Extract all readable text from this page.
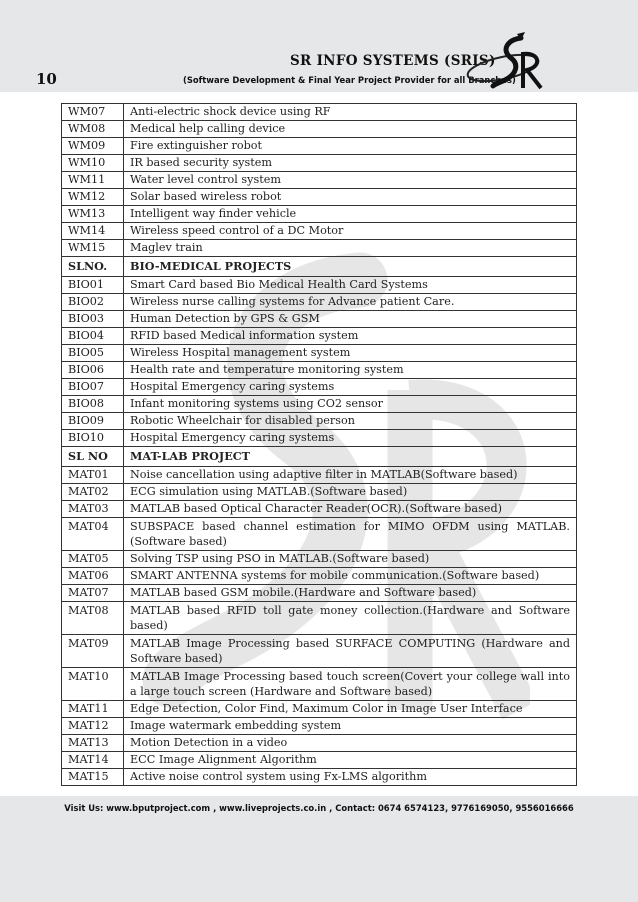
10
SR INFO SYSTEMS (SRIS)
(Software Development & Final Year Project Provider for all Branches)
WM07	Anti-electric shock device using RF
WM08	Medical help calling device
WM09	Fire extinguisher robot
WM10	IR based security system
WM11	Water level control system
WM12	Solar based wireless robot
WM13	Intelligent way finder vehicle
WM14	Wireless speed control of a DC Motor
WM15	Maglev train
SLNO.	BIO-MEDICAL PROJECTS
BIO01	Smart Card based Bio Medical Health Card Systems
BIO02	Wireless nurse calling systems for Advance patient Care.
BIO03	Human Detection by GPS & GSM
BIO04	RFID based Medical information system
BIO05	Wireless Hospital management system
BIO06	Health rate and temperature monitoring system
BIO07	Hospital Emergency caring systems
BIO08	Infant monitoring systems using CO2 sensor
BIO09	Robotic Wheelchair for disabled person
BIO10	Hospital Emergency caring systems
SL NO	MAT-LAB PROJECT
MAT01	Noise cancellation using adaptive filter in MATLAB(Software based)
MAT02	ECG simulation using MATLAB.(Software based)
MAT03	MATLAB based Optical Character Reader(OCR).(Software based)
MAT04	SUBSPACE based channel estimation for MIMO OFDM using MATLAB.(Software based)
MAT05	Solving TSP using PSO in MATLAB.(Software based)
MAT06	SMART ANTENNA systems for mobile communication.(Software based)
MAT07	MATLAB based GSM mobile.(Hardware and Software based)
MAT08	MATLAB based RFID toll gate money collection.(Hardware and Software based)
MAT09	MATLAB Image Processing based SURFACE COMPUTING (Hardware and Software based)
MAT10	MATLAB Image Processing based touch screen(Covert your college wall into a large touch screen (Hardware and Software based)
MAT11	Edge Detection, Color Find, Maximum Color in Image User Interface
MAT12	Image watermark embedding system
MAT13	Motion Detection in a video
MAT14	ECC Image Alignment Algorithm
MAT15	Active noise control system using Fx-LMS algorithm
Visit Us: www.bputproject.com , www.liveprojects.co.in , Contact: 0674 6574123, 9776169050, 9556016666
